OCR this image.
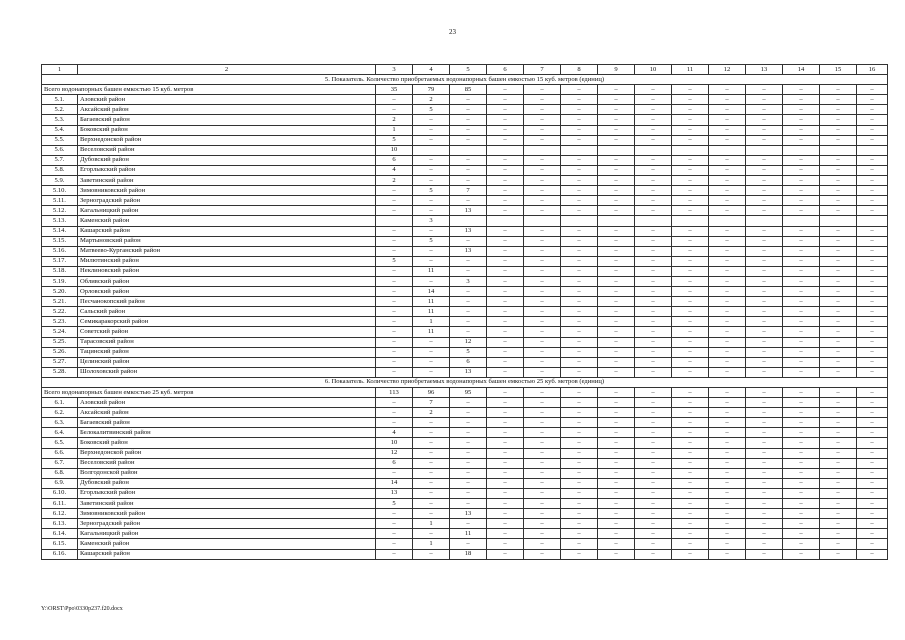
23
1	2	3	4	5	6	7	8	9	10	11	12	13	14	15	16
5. Показатель. Количество приобретаемых водонапорных башен емкостью 15 куб. метров (единиц)															
Всего водонапорных башен емкостью 15 куб. метров		35	79	85	–	–	–	–	–	–	–	–	–	–	–
5.1.	Азовский район	–	2	–	–	–	–	–	–	–	–	–	–	–	–
5.2.	Аксайский район	–	5	–	–	–	–	–	–	–	–	–	–	–	–
5.3.	Багаевский район	2	–	–	–	–	–	–	–	–	–	–	–	–	–
5.4.	Боковский район	1	–	–	–	–	–	–	–	–	–	–	–	–	–
5.5.	Верхнедонской район	5	–	–	–	–	–	–	–	–	–	–	–	–	–
5.6.	Веселовский район	10													
5.7.	Дубовский район	6	–	–	–	–	–	–	–	–	–	–	–	–	–
5.8.	Егорлыкский район	4	–	–	–	–	–	–	–	–	–	–	–	–	–
5.9.	Заветинский район	2	–	–	–	–	–	–	–	–	–	–	–	–	–
5.10.	Зимовниковский район	–	5	7	–	–	–	–	–	–	–	–	–	–	–
5.11.	Зерноградский район	–	–	–	–	–	–	–	–	–	–	–	–	–	–
5.12.	Кагальницкий район	–	–	13	–	–	–	–	–	–	–	–	–	–	–
5.13.	Каменский район		3												
5.14.	Кашарский район	–	–	13	–	–	–	–	–	–	–	–	–	–	–
5.15.	Мартыновский район	–	5	–	–	–	–	–	–	–	–	–	–	–	–
5.16.	Матвеево-Курганский район	–	–	13	–	–	–	–	–	–	–	–	–	–	–
5.17.	Милютинский район	5	–	–	–	–	–	–	–	–	–	–	–	–	–
5.18.	Неклиновский район	–	11	–	–	–	–	–	–	–	–	–	–	–	–
5.19.	Обливский район	–	–	3	–	–	–	–	–	–	–	–	–	–	–
5.20.	Орловский район	–	14	–	–	–	–	–	–	–	–	–	–	–	–
5.21.	Песчанокопский район	–	11	–	–	–	–	–	–	–	–	–	–	–	–
5.22.	Сальский район	–	11	–	–	–	–	–	–	–	–	–	–	–	–
5.23.	Семикаракорский район	–	1	–	–	–	–	–	–	–	–	–	–	–	–
5.24.	Советский район	–	11	–	–	–	–	–	–	–	–	–	–	–	–
5.25.	Тарасовский район	–	–	12	–	–	–	–	–	–	–	–	–	–	–
5.26.	Тацинский район	–	–	5	–	–	–	–	–	–	–	–	–	–	–
5.27.	Целинский район	–	–	6	–	–	–	–	–	–	–	–	–	–	–
5.28.	Шолоховский район	–	–	13	–	–	–	–	–	–	–	–	–	–	–
6. Показатель. Количество приобретаемых водонапорных башен емкостью 25 куб. метров (единиц)															
Всего водонапорных башен емкостью 25 куб. метров		113	96	95	–	–	–	–	–	–	–	–	–	–	–
6.1.	Азовский район	–	7	–	–	–	–	–	–	–	–	–	–	–	–
6.2.	Аксайский район	–	2	–	–	–	–	–	–	–	–	–	–	–	–
6.3.	Багаевский район	–	–	–	–	–	–	–	–	–	–	–	–	–	–
6.4.	Белокалитвинский район	4	–	–	–	–	–	–	–	–	–	–	–	–	–
6.5.	Боковский район	10	–	–	–	–	–	–	–	–	–	–	–	–	–
6.6.	Верхнедонской район	12	–	–	–	–	–	–	–	–	–	–	–	–	–
6.7.	Веселовский район	6	–	–	–	–	–	–	–	–	–	–	–	–	–
6.8.	Волгодонской район	–	–	–	–	–	–	–	–	–	–	–	–	–	–
6.9.	Дубовский район	14	–	–	–	–	–	–	–	–	–	–	–	–	–
6.10.	Егорлыкский район	13	–	–	–	–	–	–	–	–	–	–	–	–	–
6.11.	Заветинский район	5	–	–	–	–	–	–	–	–	–	–	–	–	–
6.12.	Зимовниковский район	–	–	13	–	–	–	–	–	–	–	–	–	–	–
6.13.	Зерноградский район	–	1	–	–	–	–	–	–	–	–	–	–	–	–
6.14.	Кагальницкий район	–	–	11	–	–	–	–	–	–	–	–	–	–	–
6.15.	Каменский район	–	1	–	–	–	–	–	–	–	–	–	–	–	–
6.16.	Кашарский район	–	–	18	–	–	–	–	–	–	–	–	–	–	–
Y:\ORST\Ppo\0330p237.f20.docx
